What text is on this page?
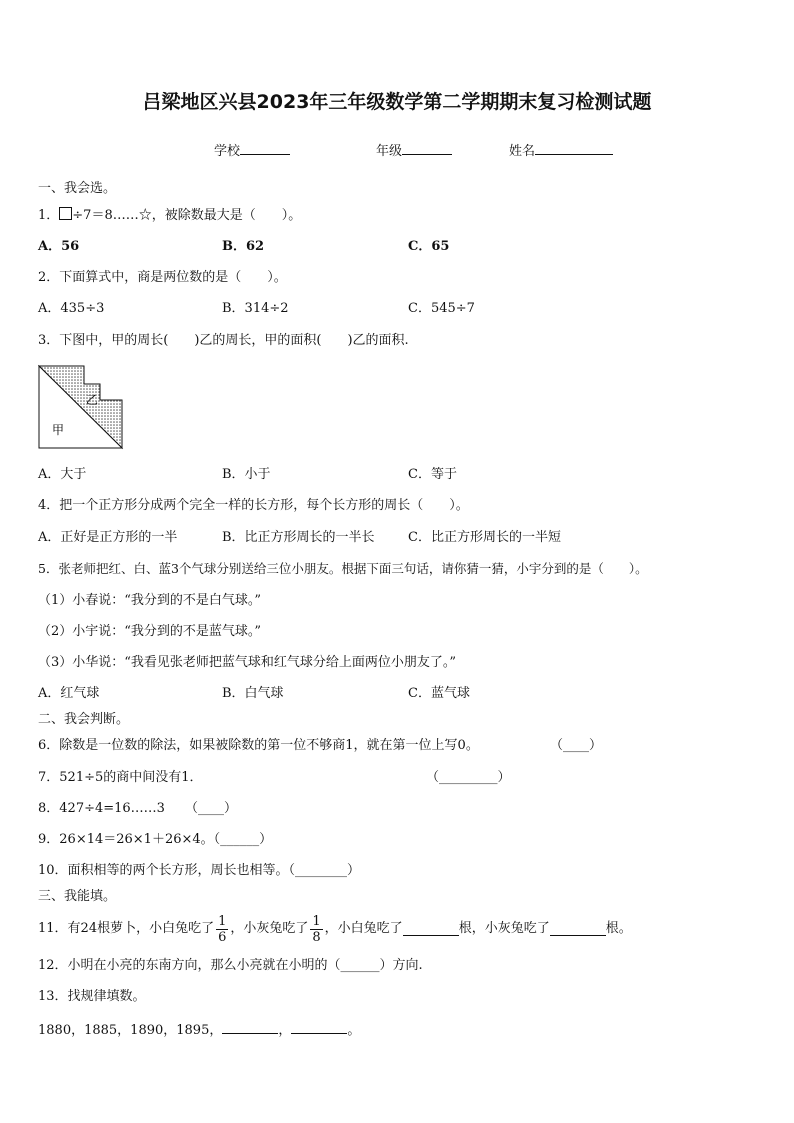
吕梁地区兴县2023年三年级数学第二学期期末复习检测试题
学校	年级	姓名
一、我会选。
1． ÷7＝8……☆，被除数最大是（　　）。
A．56	B．62	C．65
2．下面算式中，商是两位数的是（　　）。
A．435÷3	B．314÷2	C．545÷7
3．下图中，甲的周长(　　)乙的周长，甲的面积(　　)乙的面积.
乙
甲
A．大于	B．小于	C．等于
4．把一个正方形分成两个完全一样的长方形，每个长方形的周长（　　）。
A．正好是正方形的一半	B．比正方形周长的一半长	C．比正方形周长的一半短
5．张老师把红、白、蓝3个气球分别送给三位小朋友。根据下面三句话，请你猜一猜，小宇分到的是（　　）。
（1）小春说：“我分到的不是白气球。”
（2）小宇说：“我分到的不是蓝气球。”
（3）小华说：“我看见张老师把蓝气球和红气球分给上面两位小朋友了。”
A．红气球	B．白气球	C．蓝气球
二、我会判断。
6．除数是一位数的除法，如果被除数的第一位不够商1，就在第一位上写0。	（____）
7．521÷5的商中间没有1．	（_________）
8．427÷4=16……3 （____）
9．26×14＝26×1＋26×4。（______）
10．面积相等的两个长方形，周长也相等。（________）
三、我能填。
11．有24根萝卜，小白兔吃了 $\frac{1}{6}$ ，小灰兔吃了 $\frac{1}{8}$ ，小白兔吃了	根，小灰兔吃了	根。
12．小明在小亮的东南方向，那么小亮就在小明的（______）方向.
13．找规律填数。
1880，1885，1890，1895，	，	。
